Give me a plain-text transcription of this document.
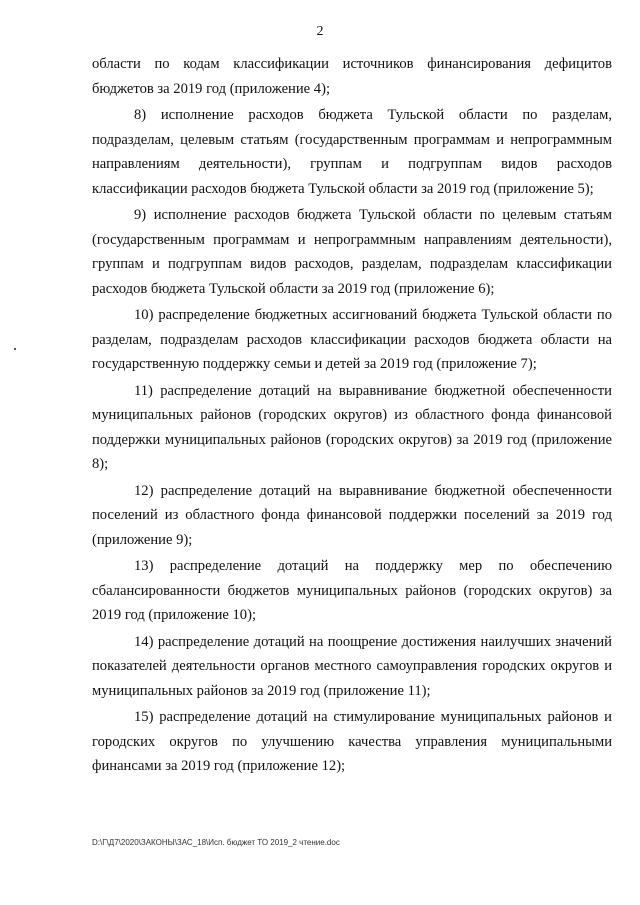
2

области по кодам классификации источников финансирования дефицитов бюджетов за 2019 год (приложение 4);

8) исполнение расходов бюджета Тульской области по разделам, подразделам, целевым статьям (государственным программам и непрограммным направлениям деятельности), группам и подгруппам видов расходов классификации расходов бюджета Тульской области за 2019 год (приложение 5);

9) исполнение расходов бюджета Тульской области по целевым статьям (государственным программам и непрограммным направлениям деятельности), группам и подгруппам видов расходов, разделам, подразделам классификации расходов бюджета Тульской области за 2019 год (приложение 6);

10) распределение бюджетных ассигнований бюджета Тульской области по разделам, подразделам расходов классификации расходов бюджета области на государственную поддержку семьи и детей за 2019 год (приложение 7);

11) распределение дотаций на выравнивание бюджетной обеспеченности муниципальных районов (городских округов) из областного фонда финансовой поддержки муниципальных районов (городских округов) за 2019 год (приложение 8);

12) распределение дотаций на выравнивание бюджетной обеспеченности поселений из областного фонда финансовой поддержки поселений за 2019 год (приложение 9);

13) распределение дотаций на поддержку мер по обеспечению сбалансированности бюджетов муниципальных районов (городских округов) за 2019 год (приложение 10);

14) распределение дотаций на поощрение достижения наилучших значений показателей деятельности органов местного самоуправления городских округов и муниципальных районов за 2019 год (приложение 11);

15) распределение дотаций на стимулирование муниципальных районов и городских округов по улучшению качества управления муниципальными финансами за 2019 год (приложение 12);

D:\Г\Д7\2020\ЗАКОНЫ\ЗАС_18\Исп. бюджет ТО 2019_2 чтение.doc
